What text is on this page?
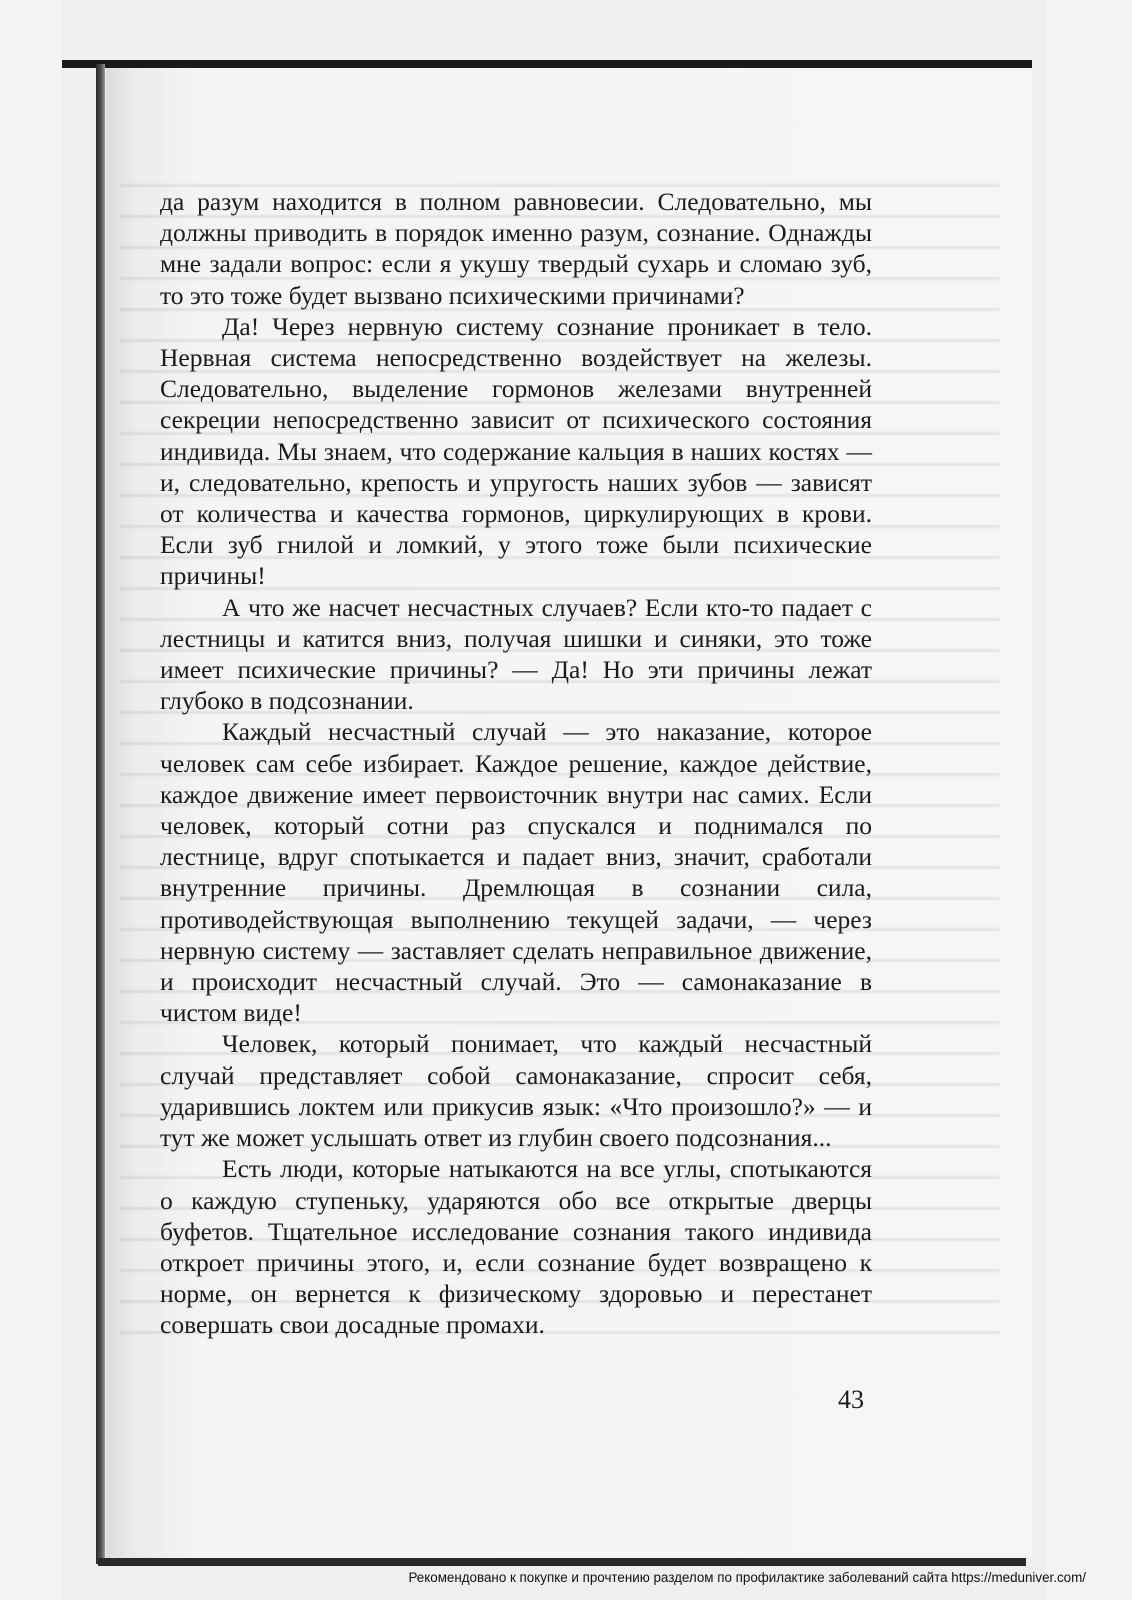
да разум находится в полном равновесии. Следовательно, мы должны приводить в порядок именно разум, сознание. Однажды мне задали вопрос: если я укушу твердый сухарь и сломаю зуб, то это тоже будет вызвано психическими причинами?

Да! Через нервную систему сознание проникает в тело. Нервная система непосредственно воздействует на железы. Следовательно, выделение гормонов железами внутренней секреции непосредственно зависит от психического состояния индивида. Мы знаем, что содержание кальция в наших костях — и, следовательно, крепость и упругость наших зубов — зависят от количества и качества гормонов, циркулирующих в крови. Если зуб гнилой и ломкий, у этого тоже были психические причины!

А что же насчет несчастных случаев? Если кто-то падает с лестницы и катится вниз, получая шишки и синяки, это тоже имеет психические причины? — Да! Но эти причины лежат глубоко в подсознании.

Каждый несчастный случай — это наказание, которое человек сам себе избирает. Каждое решение, каждое действие, каждое движение имеет первоисточник внутри нас самих. Если человек, который сотни раз спускался и поднимался по лестнице, вдруг спотыкается и падает вниз, значит, сработали внутренние причины. Дремлющая в сознании сила, противодействующая выполнению текущей задачи, — через нервную систему — заставляет сделать неправильное движение, и происходит несчастный случай. Это — самонаказание в чистом виде!

Человек, который понимает, что каждый несчастный случай представляет собой самонаказание, спросит себя, ударившись локтем или прикусив язык: «Что произошло?» — и тут же может услышать ответ из глубин своего подсознания...

Есть люди, которые натыкаются на все углы, спотыкаются о каждую ступеньку, ударяются обо все открытые дверцы буфетов. Тщательное исследование сознания такого индивида откроет причины этого, и, если сознание будет возвращено к норме, он вернется к физическому здоровью и перестанет совершать свои досадные промахи.

43
Рекомендовано к покупке и прочтению разделом по профилактике заболеваний сайта https://meduniver.com/
